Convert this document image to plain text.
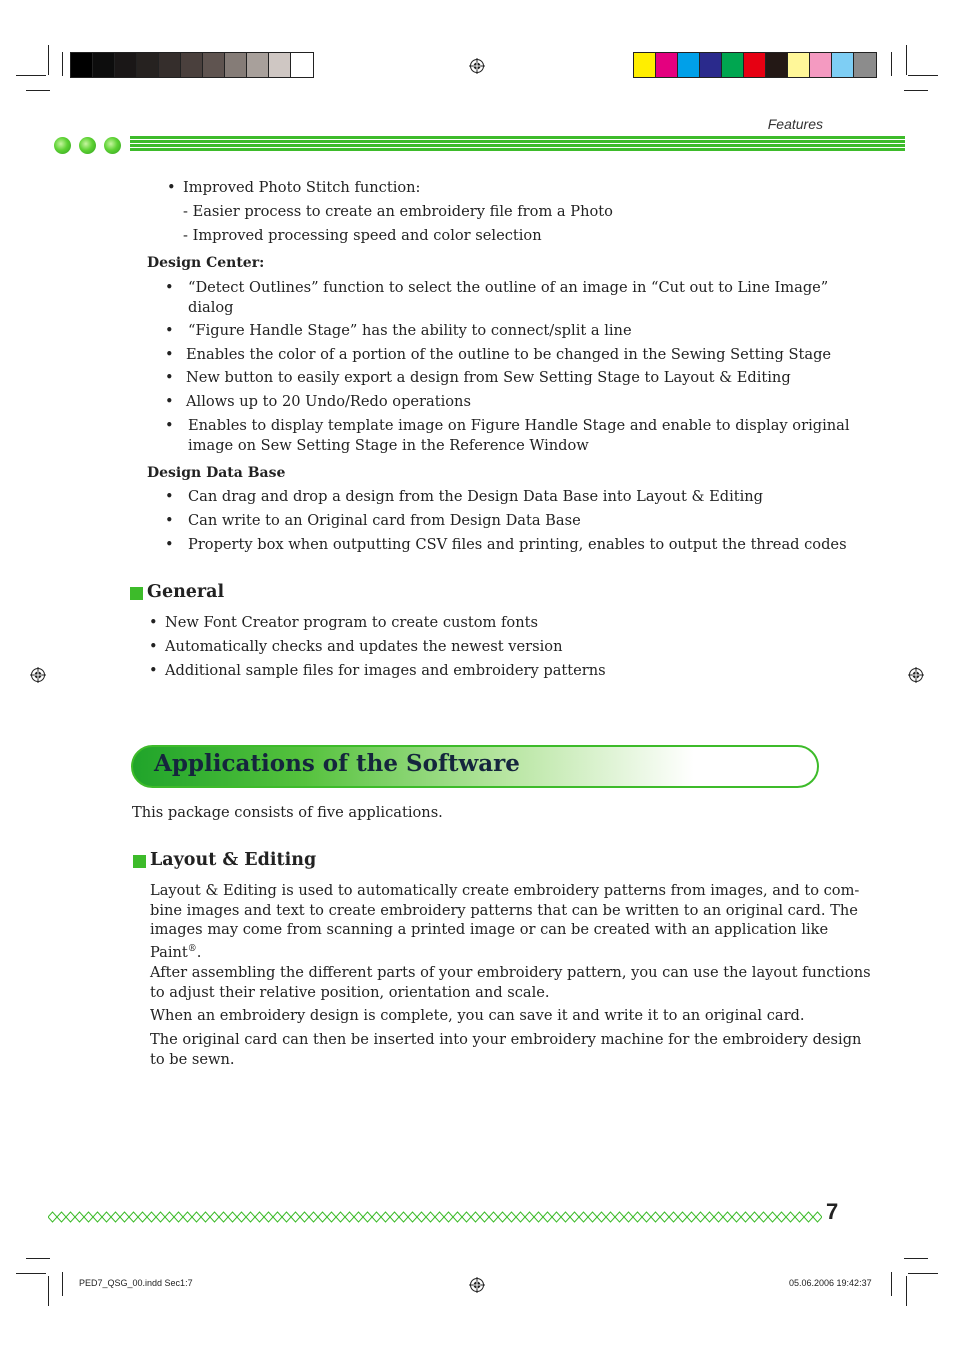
Features
• Improved Photo Stitch function:
- Easier process to create an embroidery file from a Photo
- Improved processing speed and color selection
Design Center:
• “Detect Outlines” function to select the outline of an image in “Cut out to Line Image”
dialog
• “Figure Handle Stage” has the ability to connect/split a line
• Enables the color of a portion of the outline to be changed in the Sewing Setting Stage
• New button to easily export a design from Sew Setting Stage to Layout & Editing
• Allows up to 20 Undo/Redo operations
• Enables to display template image on Figure Handle Stage and enable to display original
image on Sew Setting Stage in the Reference Window
Design Data Base
• Can drag and drop a design from the Design Data Base into Layout & Editing
• Can write to an Original card from Design Data Base
• Property box when outputting CSV files and printing, enables to output the thread codes
General
• New Font Creator program to create custom fonts
• Automatically checks and updates the newest version
• Additional sample files for images and embroidery patterns
Applications of the Software
This package consists of five applications.
Layout & Editing
Layout & Editing is used to automatically create embroidery patterns from images, and to com-
bine images and text to create embroidery patterns that can be written to an original card. The
images may come from scanning a printed image or can be created with an application like
Paint®.
After assembling the different parts of your embroidery pattern, you can use the layout functions
to adjust their relative position, orientation and scale.
When an embroidery design is complete, you can save it and write it to an original card.
The original card can then be inserted into your embroidery machine for the embroidery design
to be sewn.
7
PED7_QSG_00.indd Sec1:7	05.06.2006 19:42:37
